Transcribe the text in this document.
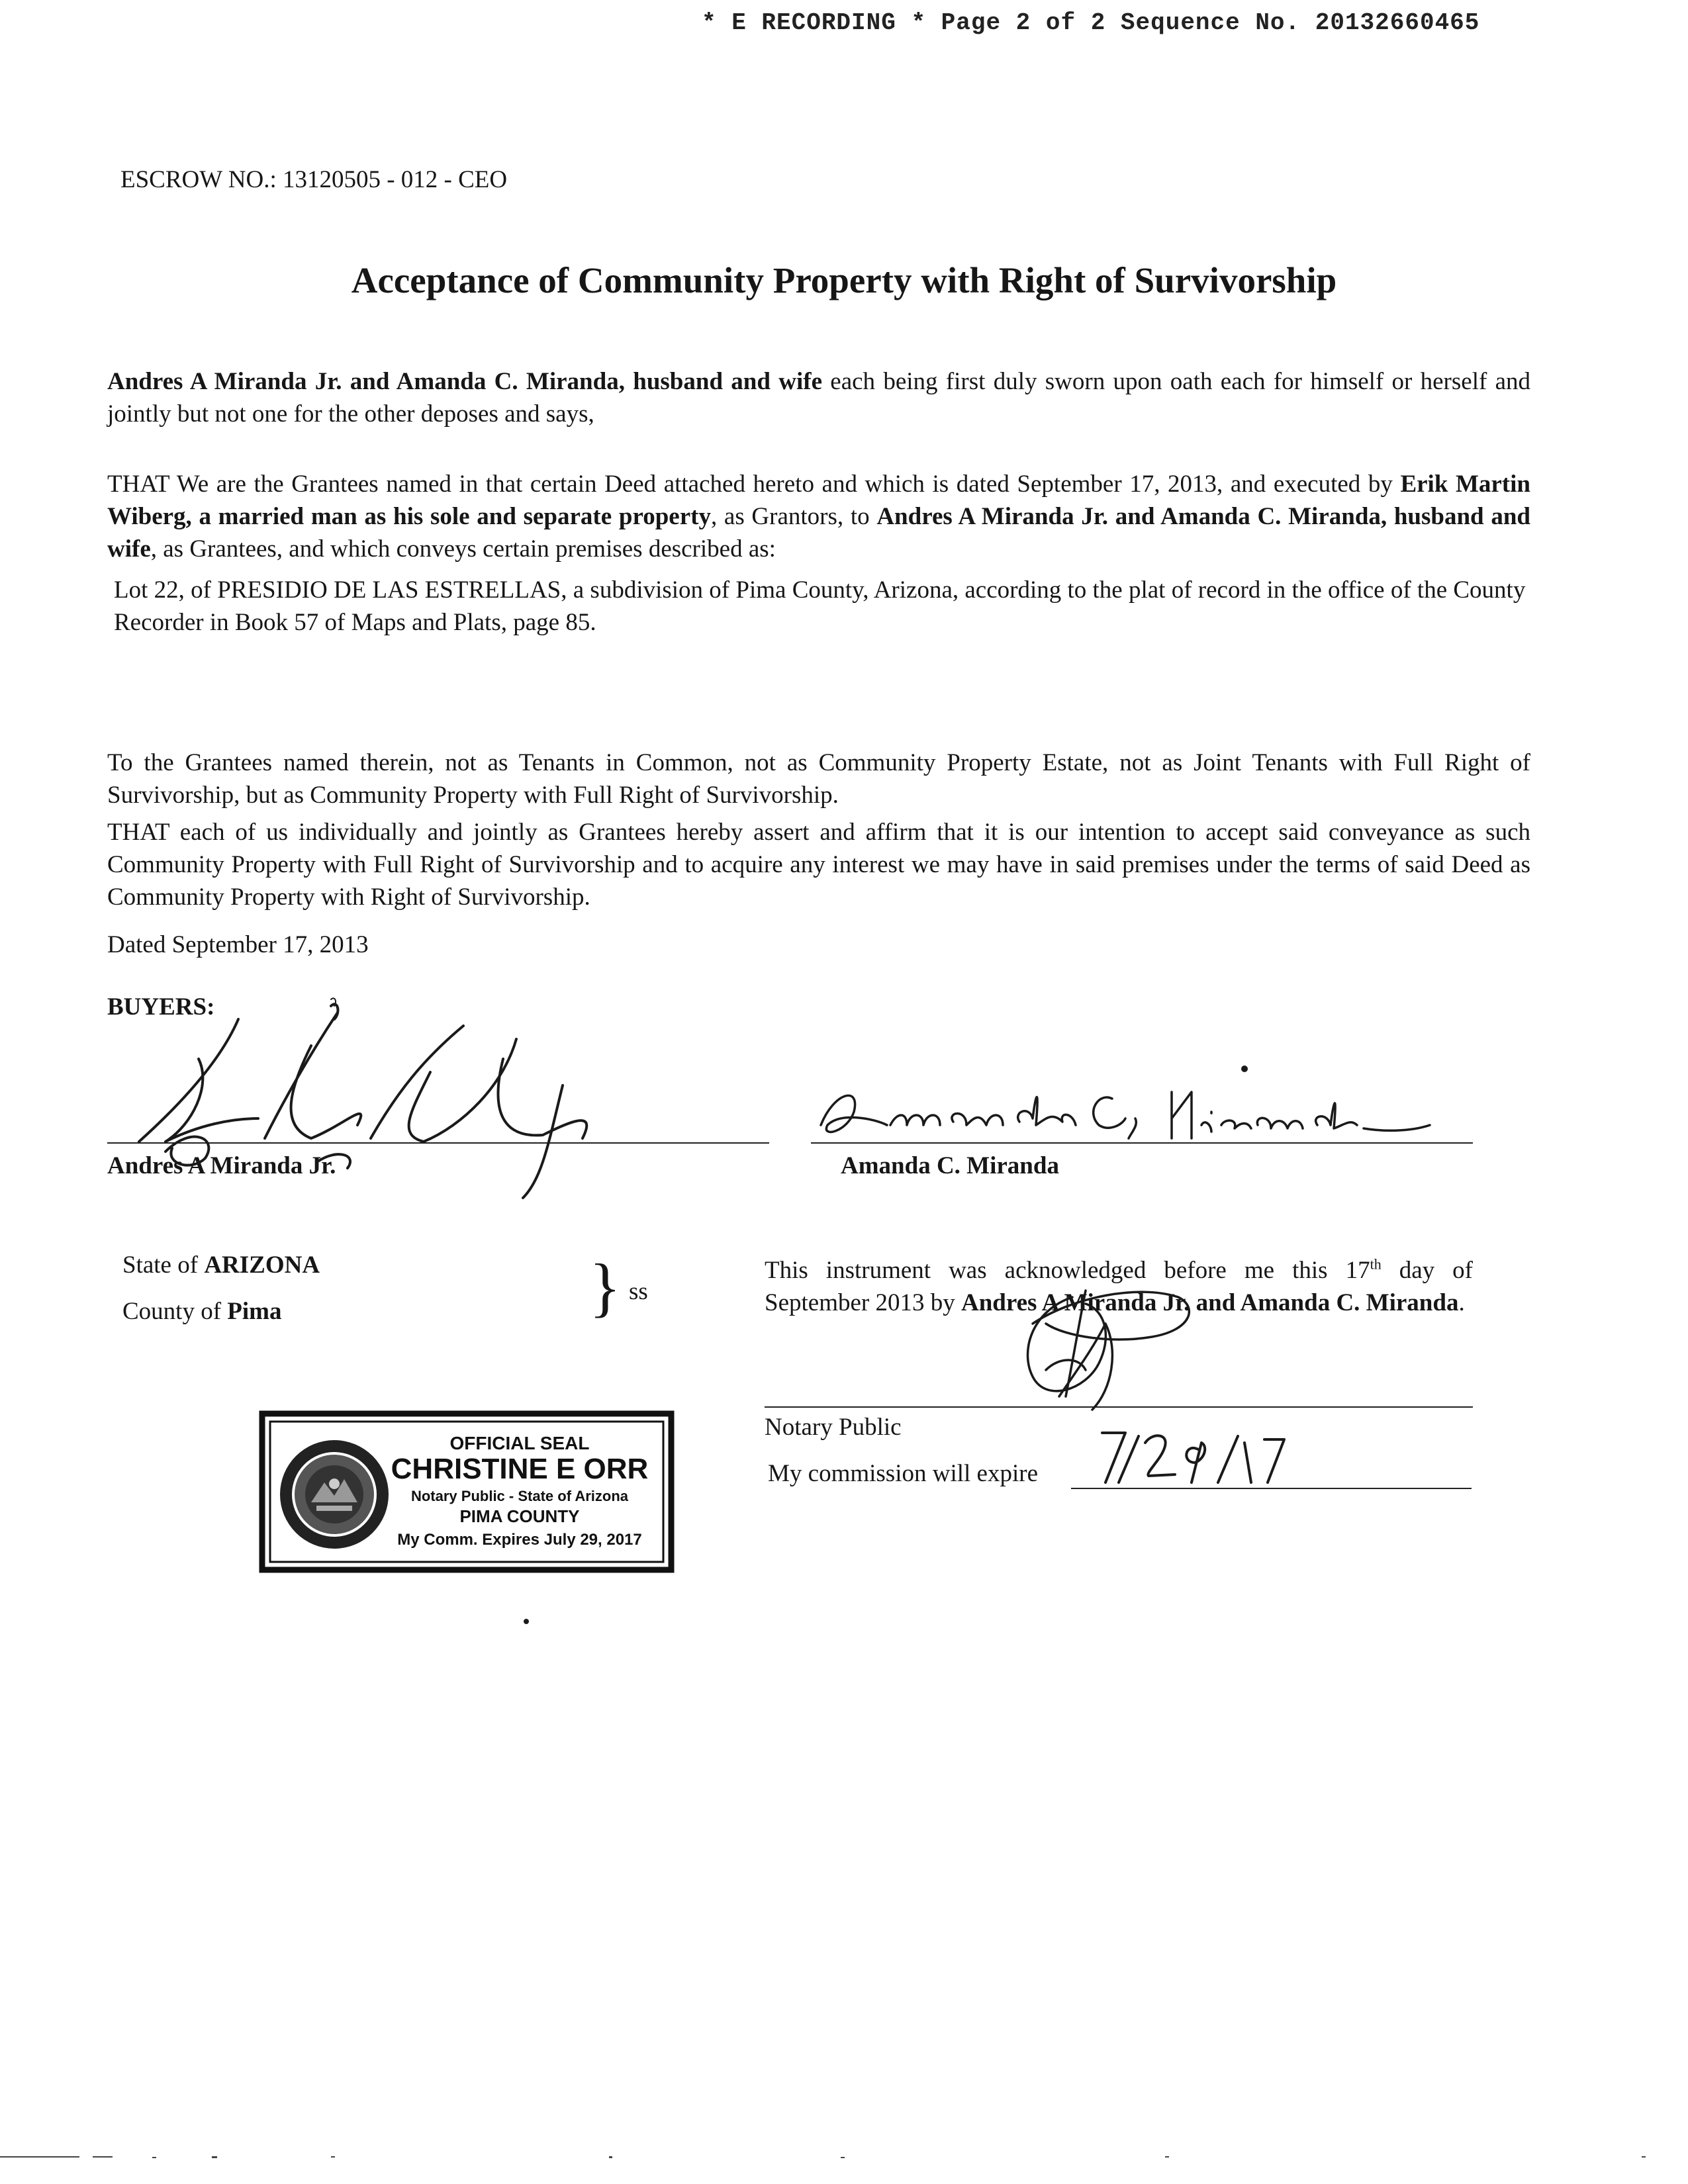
* E RECORDING * Page 2 of 2 Sequence No. 20132660465
ESCROW NO.: 13120505 - 012 - CEO
Acceptance of Community Property with Right of Survivorship
Andres A Miranda Jr. and Amanda C. Miranda, husband and wife each being first duly sworn upon oath each for himself or herself and jointly but not one for the other deposes and says,
THAT We are the Grantees named in that certain Deed attached hereto and which is dated September 17, 2013, and executed by Erik Martin Wiberg, a married man as his sole and separate property, as Grantors, to Andres A Miranda Jr. and Amanda C. Miranda, husband and wife, as Grantees, and which conveys certain premises described as:
Lot 22, of PRESIDIO DE LAS ESTRELLAS, a subdivision of Pima County, Arizona, according to the plat of record in the office of the County Recorder in Book 57 of Maps and Plats, page 85.
To the Grantees named therein, not as Tenants in Common, not as Community Property Estate, not as Joint Tenants with Full Right of Survivorship, but as Community Property with Full Right of Survivorship.
THAT each of us individually and jointly as Grantees hereby assert and affirm that it is our intention to accept said conveyance as such Community Property with Full Right of Survivorship and to acquire any interest we may have in said premises under the terms of said Deed as Community Property with Right of Survivorship.
Dated September 17, 2013
BUYERS:
Andres A Miranda Jr.	Amanda C. Miranda
State of ARIZONA
County of Pima	} ss
This instrument was acknowledged before me this 17th day of September 2013 by Andres A Miranda Jr. and Amanda C. Miranda.
Notary Public
My commission will expire
OFFICIAL SEAL
CHRISTINE E ORR
Notary Public - State of Arizona
PIMA COUNTY
My Comm. Expires July 29, 2017
